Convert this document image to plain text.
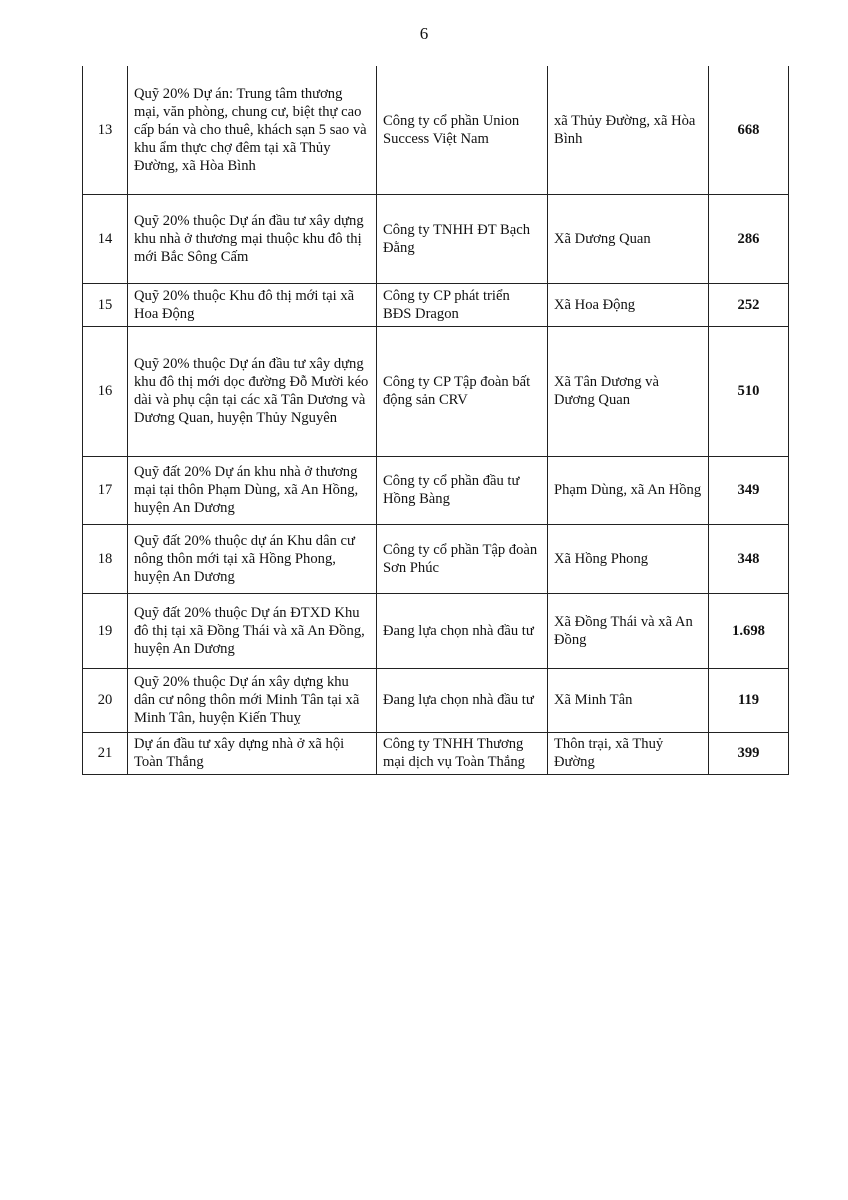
6
13	Quỹ 20% Dự án: Trung tâm thương mại, văn phòng, chung cư, biệt thự cao cấp bán và cho thuê, khách sạn 5 sao và khu ẩm thực chợ đêm tại xã Thủy Đường, xã Hòa Bình	Công ty cổ phần Union Success Việt Nam	xã Thủy Đường, xã Hòa Bình	668
14	Quỹ 20% thuộc Dự án đầu tư xây dựng khu nhà ở thương mại thuộc khu đô thị mới Bắc Sông Cấm	Công ty TNHH ĐT Bạch Đằng	Xã Dương Quan	286
15	Quỹ 20% thuộc Khu đô thị mới tại xã Hoa Động	Công ty CP phát triển BĐS Dragon	Xã Hoa Động	252
16	Quỹ 20% thuộc Dự án đầu tư xây dựng khu đô thị mới dọc đường Đỗ Mười kéo dài và phụ cận tại các xã Tân Dương và Dương Quan, huyện Thủy Nguyên	Công ty CP Tập đoàn bất động sản CRV	Xã Tân Dương và Dương Quan	510
17	Quỹ đất 20% Dự án khu nhà ở thương mại tại thôn Phạm Dùng, xã An Hồng, huyện An Dương	Công ty cổ phần đầu tư Hồng Bàng	Phạm Dùng, xã An Hồng	349
18	Quỹ đất 20% thuộc dự án Khu dân cư nông thôn mới tại xã Hồng Phong, huyện An Dương	Công ty cổ phần Tập đoàn Sơn Phúc	Xã Hồng Phong	348
19	Quỹ đất 20% thuộc Dự án ĐTXD Khu đô thị tại xã Đồng Thái và xã An Đồng, huyện An Dương	Đang lựa chọn nhà đầu tư	Xã Đồng Thái và xã An Đồng	1.698
20	Quỹ 20% thuộc Dự án xây dựng khu dân cư nông thôn mới Minh Tân tại xã Minh Tân, huyện Kiến Thuỵ	Đang lựa chọn nhà đầu tư	Xã Minh Tân	119
21	Dự án đầu tư xây dựng nhà ở xã hội Toàn Thắng	Công ty TNHH Thương mại dịch vụ Toàn Thắng	Thôn trại, xã Thuỷ Đường	399
